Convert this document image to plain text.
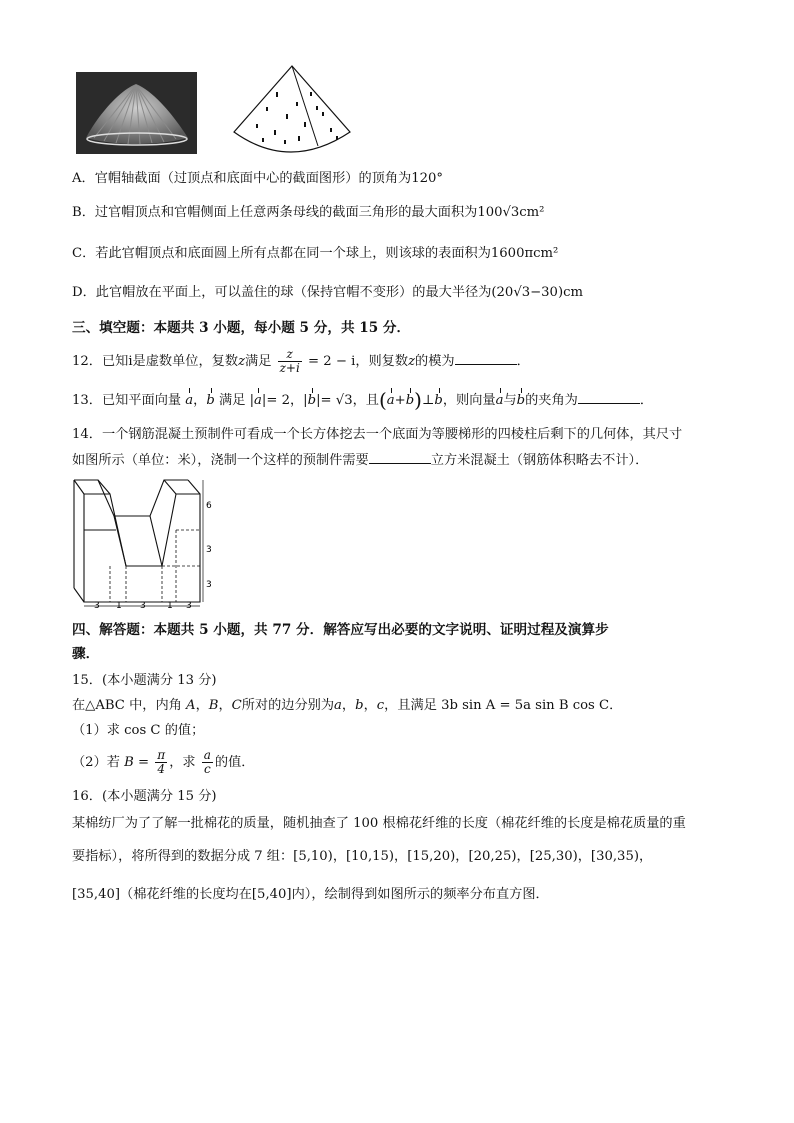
A．官帽轴截面（过顶点和底面中心的截面图形）的顶角为120°
B．过官帽顶点和官帽侧面上任意两条母线的截面三角形的最大面积为100√3cm²
C．若此官帽顶点和底面圆上所有点都在同一个球上，则该球的表面积为1600πcm²
D．此官帽放在平面上，可以盖住的球（保持官帽不变形）的最大半径为(20√3−30)cm
三、填空题：本题共 3 小题，每小题 5 分，共 15 分．
12．已知i是虚数单位，复数z满足 $\frac{z}{z+i} = 2 - i$，则复数z的模为	．
13．已知平面向量 a，b 满足 |a|= 2，|b|= √3，且(a+b)⊥b，则向量a与b的夹角为	．
14．一个钢筋混凝土预制件可看成一个长方体挖去一个底面为等腰梯形的四棱柱后剩下的几何体，其尺寸
如图所示（单位：米），浇制一个这样的预制件需要	立方米混凝土（钢筋体积略去不计）．
6
3
3
3 1 3 1 3
四、解答题：本题共 5 小题，共 77 分．解答应写出必要的文字说明、证明过程及演算步
骤．
15．(本小题满分 13 分)
在△ABC 中，内角 A，B，C所对的边分别为a，b，c，且满足 3b sin A = 5a sin B cos C．
（1）求 cos C 的值；
（2）若 $B = \frac{\pi}{4}$ ，求 $\frac{a}{c}$ 的值．
16．(本小题满分 15 分)
某棉纺厂为了了解一批棉花的质量，随机抽查了 100 根棉花纤维的长度（棉花纤维的长度是棉花质量的重
要指标），将所得到的数据分成 7 组：[5,10)，[10,15)，[15,20)，[20,25)，[25,30)，[30,35)，
[35,40]（棉花纤维的长度均在[5,40]内），绘制得到如图所示的频率分布直方图．
